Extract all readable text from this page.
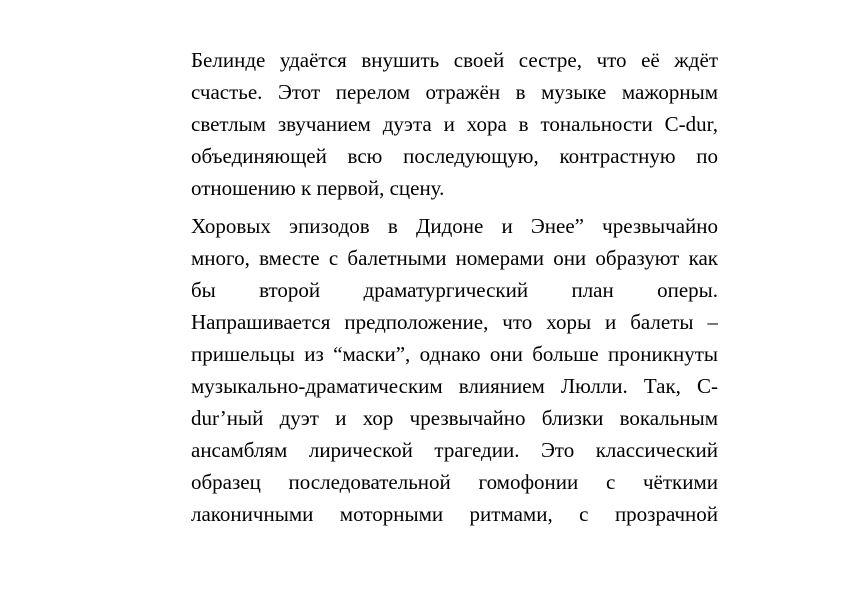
Белинде удаётся внушить своей сестре, что её ждёт
счастье. Этот перелом отражён в музыке мажорным
светлым звучанием дуэта и хора в тональности C-dur,
объединяющей всю последующую, контрастную по
отношению к первой, сцену.

Хоровых эпизодов в Дидоне и Энее” чрезвычайно
много, вместе с балетными номерами они образуют как
бы второй драматургический план оперы.
Напрашивается предположение, что хоры и балеты –
пришельцы из “маски”, однако они больше проникнуты
музыкально-драматическим влиянием Люлли. Так, C-
dur’ный дуэт и хор чрезвычайно близки вокальным
ансамблям лирической трагедии. Это классический
образец последовательной гомофонии с чёткими
лаконичными моторными ритмами, с прозрачной
